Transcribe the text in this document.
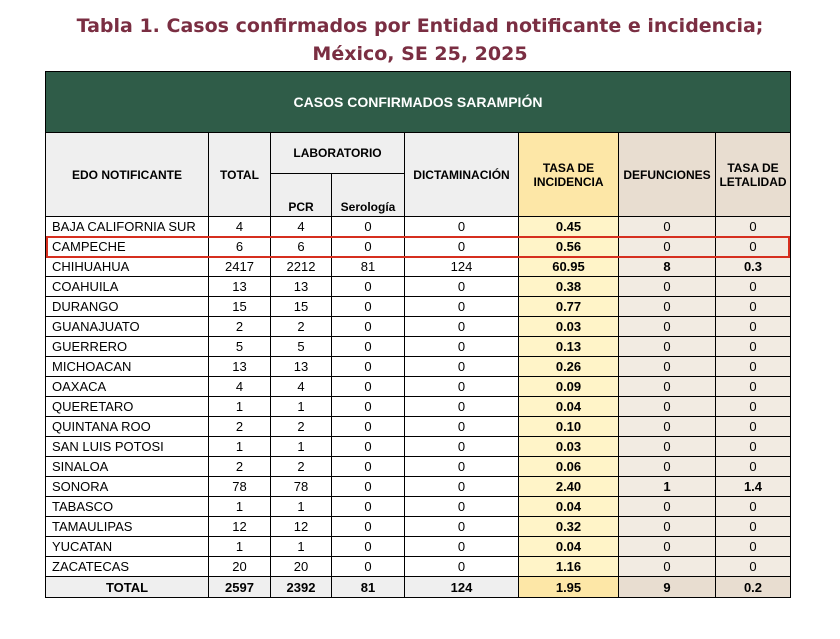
Tabla 1. Casos confirmados por Entidad notificante e incidencia;
México, SE 25, 2025
CASOS CONFIRMADOS SARAMPIÓN							
EDO NOTIFICANTE	TOTAL	LABORATORIO		DICTAMINACIÓN	TASA DE INCIDENCIA	DEFUNCIONES	TASA DE LETALIDAD
		PCR	Serología				
BAJA CALIFORNIA SUR	4	4	0	0	0.45	0	0
CAMPECHE	6	6	0	0	0.56	0	0
CHIHUAHUA	2417	2212	81	124	60.95	8	0.3
COAHUILA	13	13	0	0	0.38	0	0
DURANGO	15	15	0	0	0.77	0	0
GUANAJUATO	2	2	0	0	0.03	0	0
GUERRERO	5	5	0	0	0.13	0	0
MICHOACAN	13	13	0	0	0.26	0	0
OAXACA	4	4	0	0	0.09	0	0
QUERETARO	1	1	0	0	0.04	0	0
QUINTANA ROO	2	2	0	0	0.10	0	0
SAN LUIS POTOSI	1	1	0	0	0.03	0	0
SINALOA	2	2	0	0	0.06	0	0
SONORA	78	78	0	0	2.40	1	1.4
TABASCO	1	1	0	0	0.04	0	0
TAMAULIPAS	12	12	0	0	0.32	0	0
YUCATAN	1	1	0	0	0.04	0	0
ZACATECAS	20	20	0	0	1.16	0	0
TOTAL	2597	2392	81	124	1.95	9	0.2
